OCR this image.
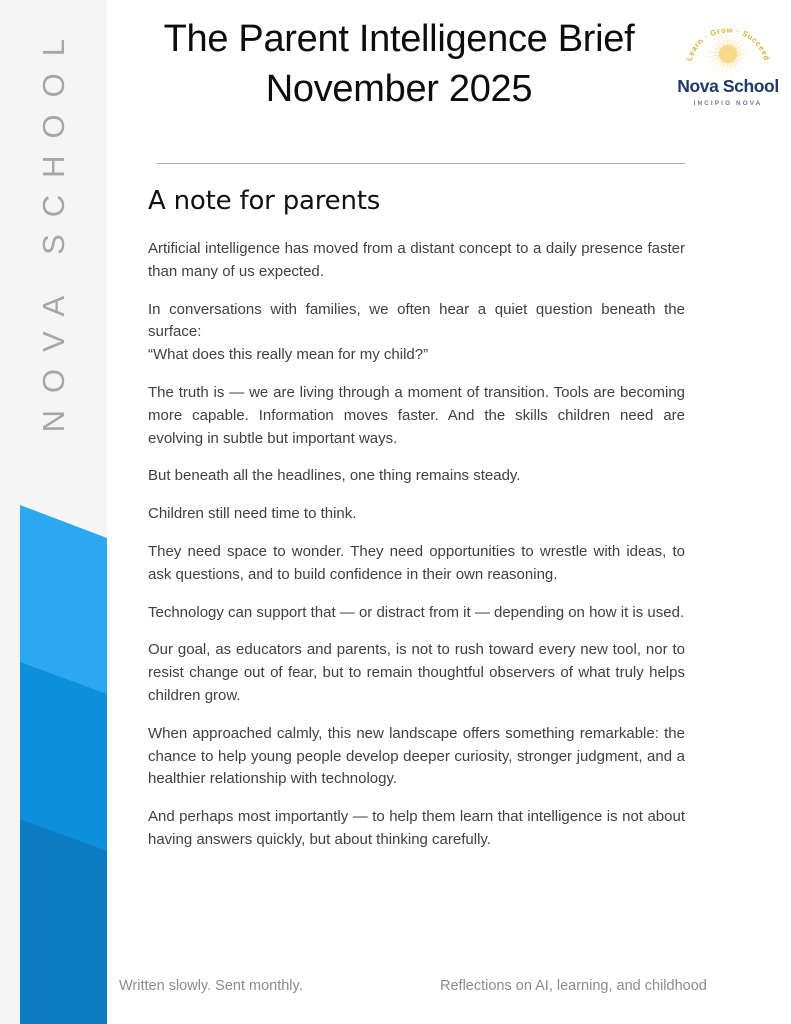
NOVA SCHOOL	The Parent Intelligence Brief
November 2025
Learn · Grow · Succeed
Nova School
INCIPIO NOVA
A note for parents

Artificial intelligence has moved from a distant concept to a daily presence faster than many of us expected.

In conversations with families, we often hear a quiet question beneath the surface:
“What does this really mean for my child?”

The truth is — we are living through a moment of transition. Tools are becoming more capable. Information moves faster. And the skills children need are evolving in subtle but important ways.

But beneath all the headlines, one thing remains steady.

Children still need time to think.

They need space to wonder. They need opportunities to wrestle with ideas, to ask questions, and to build confidence in their own reasoning.

Technology can support that — or distract from it — depending on how it is used.

Our goal, as educators and parents, is not to rush toward every new tool, nor to resist change out of fear, but to remain thoughtful observers of what truly helps children grow.

When approached calmly, this new landscape offers something remarkable: the chance to help young people develop deeper curiosity, stronger judgment, and a healthier relationship with technology.

And perhaps most importantly — to help them learn that intelligence is not about having answers quickly, but about thinking carefully.

Written slowly. Sent monthly.	Reflections on AI, learning, and childhood
